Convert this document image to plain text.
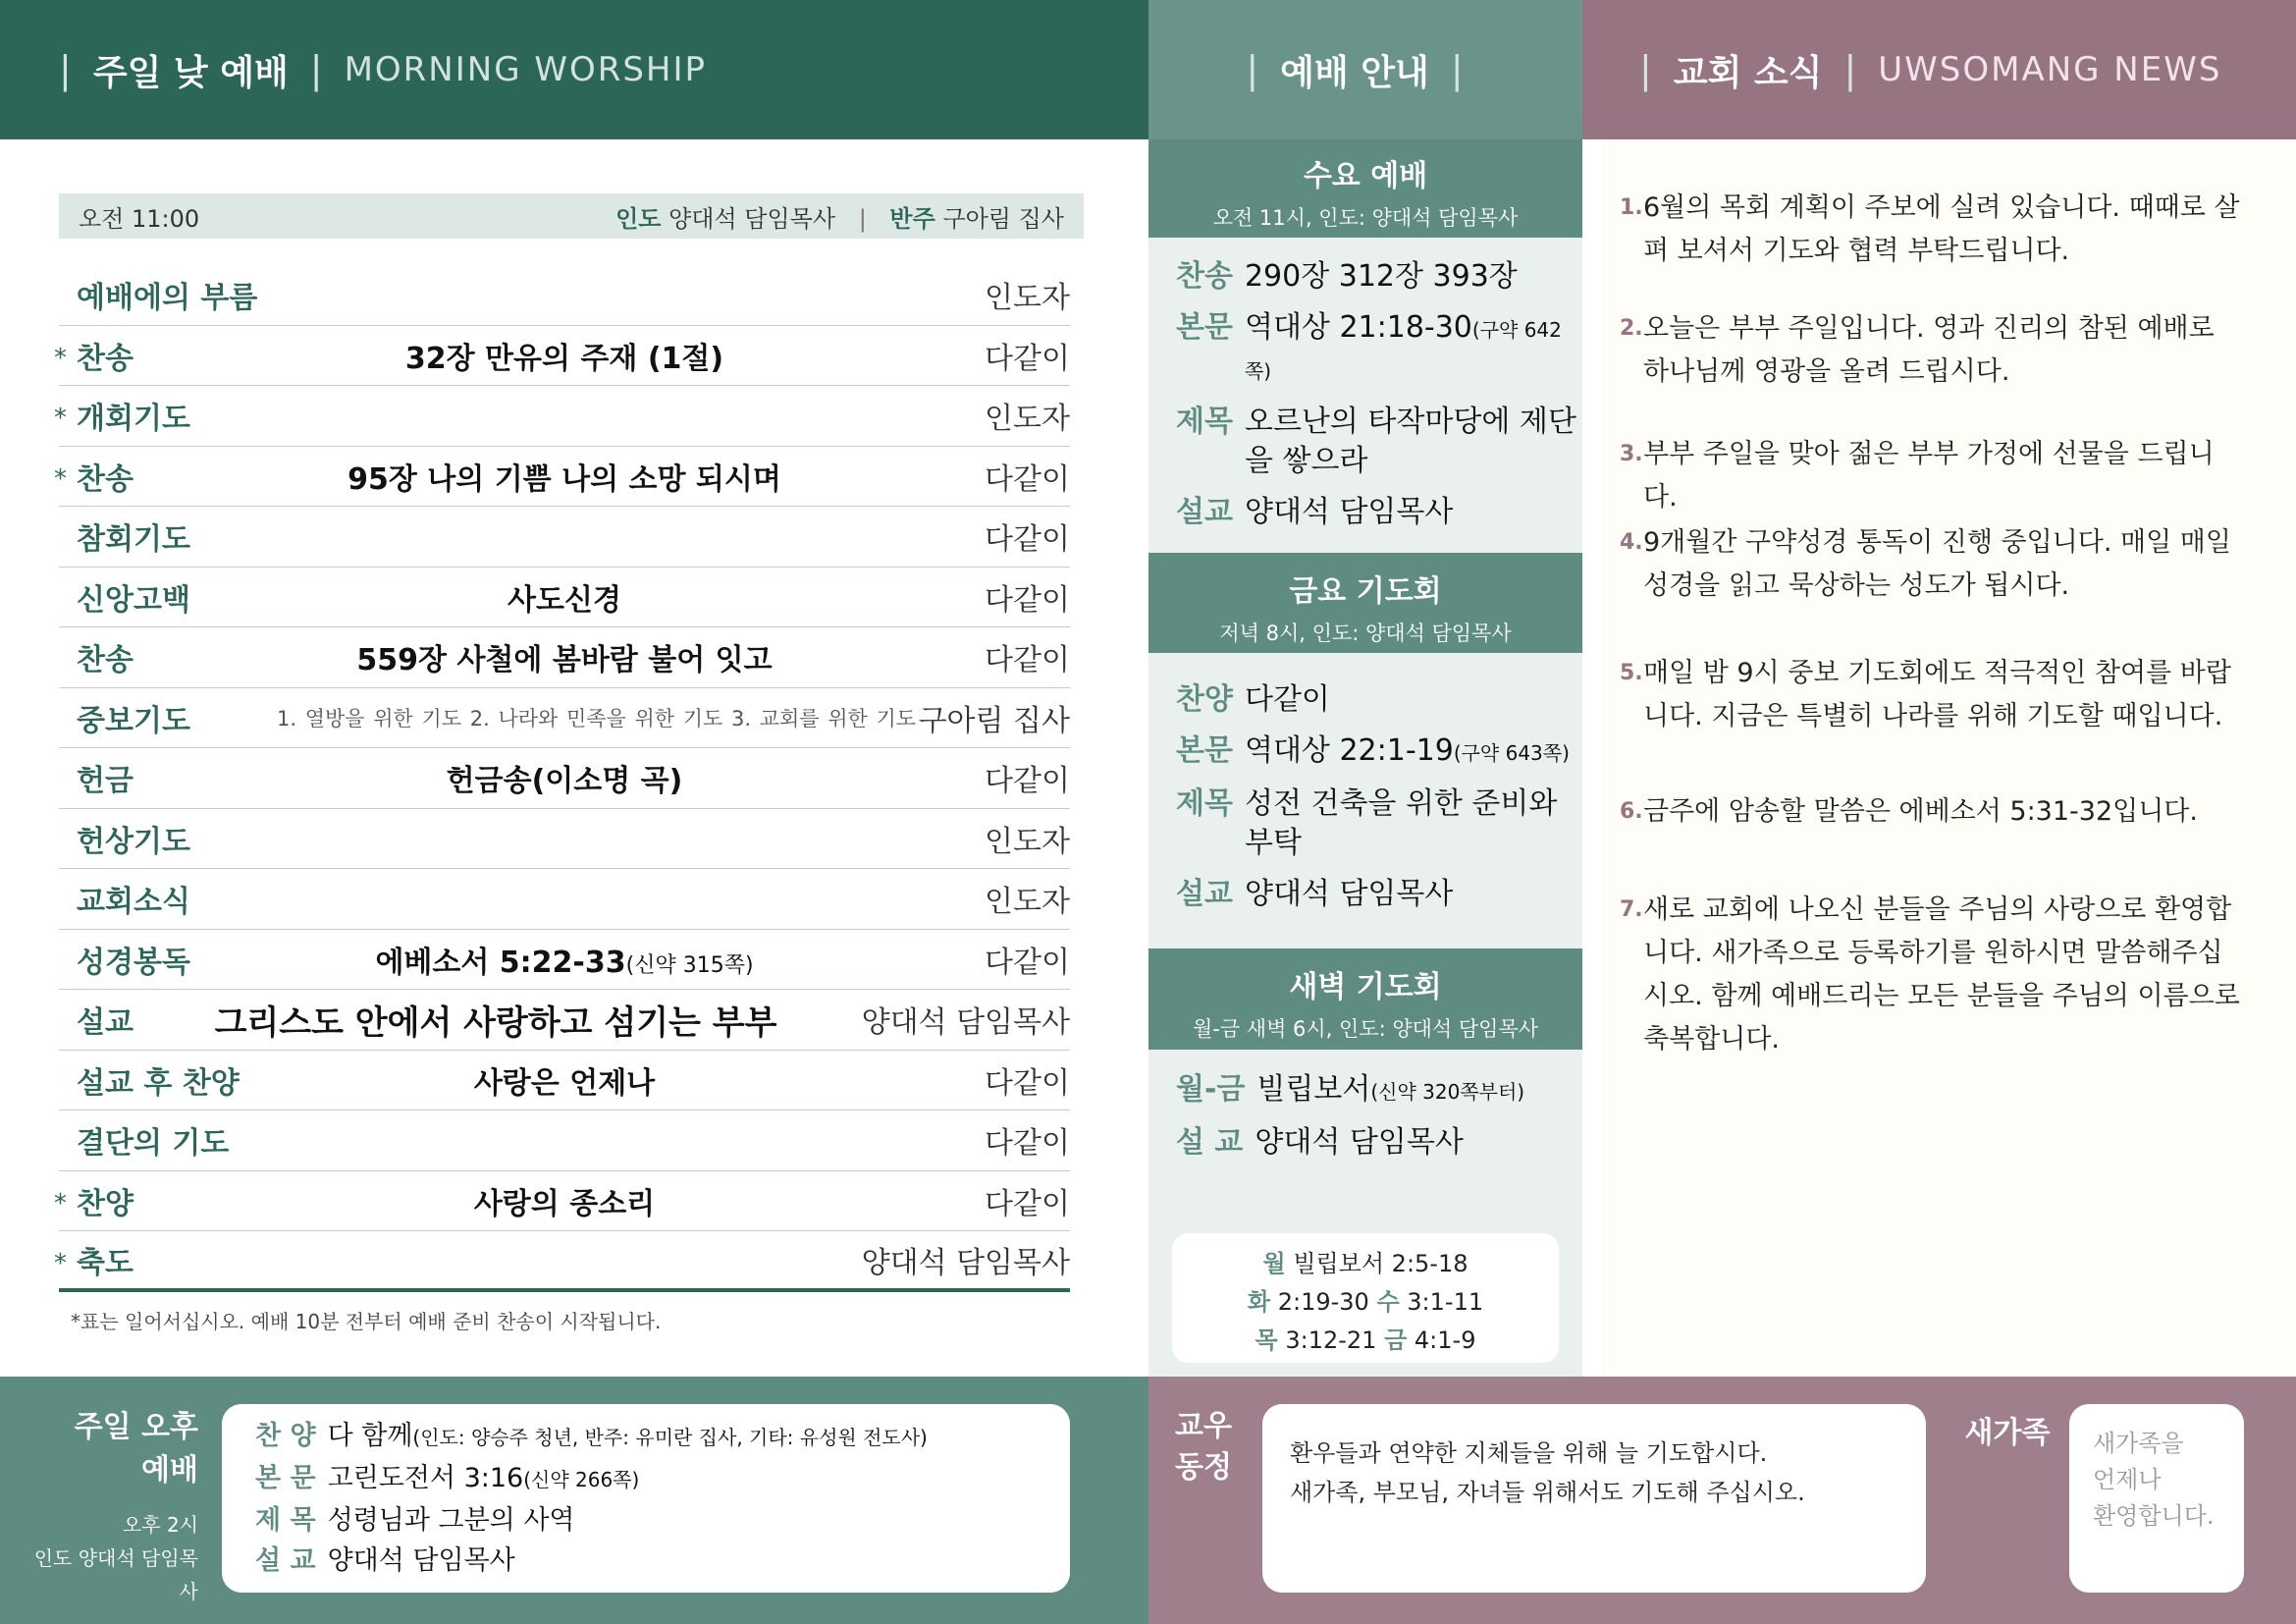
| 주일 낮 예배 | MORNING WORSHIP	| 예배 안내 |	| 교회 소식 | UWSOMANG NEWS
오전 11:00	인도 양대석 담임목사 | 반주 구아림 집사
예배에의 부름	인도자
* 찬송	32장 만유의 주재 (1절)	다같이
* 개회기도	인도자
* 찬송	95장 나의 기쁨 나의 소망 되시며	다같이
참회기도	다같이
신앙고백	사도신경	다같이
찬송	559장 사철에 봄바람 불어 잇고	다같이
중보기도	1. 열방을 위한 기도 2. 나라와 민족을 위한 기도 3. 교회를 위한 기도 구아림 집사
헌금	헌금송(이소명 곡)	다같이
헌상기도	인도자
교회소식	인도자
성경봉독	에베소서 5:22-33(신약 315쪽)	다같이
설교	그리스도 안에서 사랑하고 섬기는 부부	양대석 담임목사
설교 후 찬양	사랑은 언제나	다같이
결단의 기도	다같이
* 찬양	사랑의 종소리	다같이
* 축도	양대석 담임목사
*표는 일어서십시오. 예배 10분 전부터 예배 준비 찬송이 시작됩니다.
수요 예배
오전 11시, 인도: 양대석 담임목사
찬송 290장 312장 393장
본문 역대상 21:18-30(구약 642쪽)
제목 오르난의 타작마당에 제단을 쌓으라
설교 양대석 담임목사
금요 기도회
저녁 8시, 인도: 양대석 담임목사
찬양 다같이
본문 역대상 22:1-19(구약 643쪽)
제목 성전 건축을 위한 준비와 부탁
설교 양대석 담임목사
새벽 기도회
월-금 새벽 6시, 인도: 양대석 담임목사
월-금 빌립보서(신약 320쪽부터)
설 교 양대석 담임목사
월 빌립보서 2:5-18
화 2:19-30 수 3:1-11
목 3:12-21 금 4:1-9
1. 6월의 목회 계획이 주보에 실려 있습니다. 때때로 살펴 보셔서 기도와 협력 부탁드립니다.
2. 오늘은 부부 주일입니다. 영과 진리의 참된 예배로 하나님께 영광을 올려 드립시다.
3. 부부 주일을 맞아 젊은 부부 가정에 선물을 드립니다.
4. 9개월간 구약성경 통독이 진행 중입니다. 매일 매일 성경을 읽고 묵상하는 성도가 됩시다.
5. 매일 밤 9시 중보 기도회에도 적극적인 참여를 바랍니다. 지금은 특별히 나라를 위해 기도할 때입니다.
6. 금주에 암송할 말씀은 에베소서 5:31-32입니다.
7. 새로 교회에 나오신 분들을 주님의 사랑으로 환영합니다. 새가족으로 등록하기를 원하시면 말씀해주십시오. 함께 예배드리는 모든 분들을 주님의 이름으로 축복합니다.
주일 오후
예배
오후 2시
인도 양대석 담임목사
찬 양 다 함께(인도: 양승주 청년, 반주: 유미란 집사, 기타: 유성원 전도사)
본 문 고린도전서 3:16(신약 266쪽)
제 목 성령님과 그분의 사역
설 교 양대석 담임목사
교우
동정 환우들과 연약한 지체들을 위해 늘 기도합시다.
새가족, 부모님, 자녀들 위해서도 기도해 주십시오.
새가족	새가족을
언제나
환영합니다.
